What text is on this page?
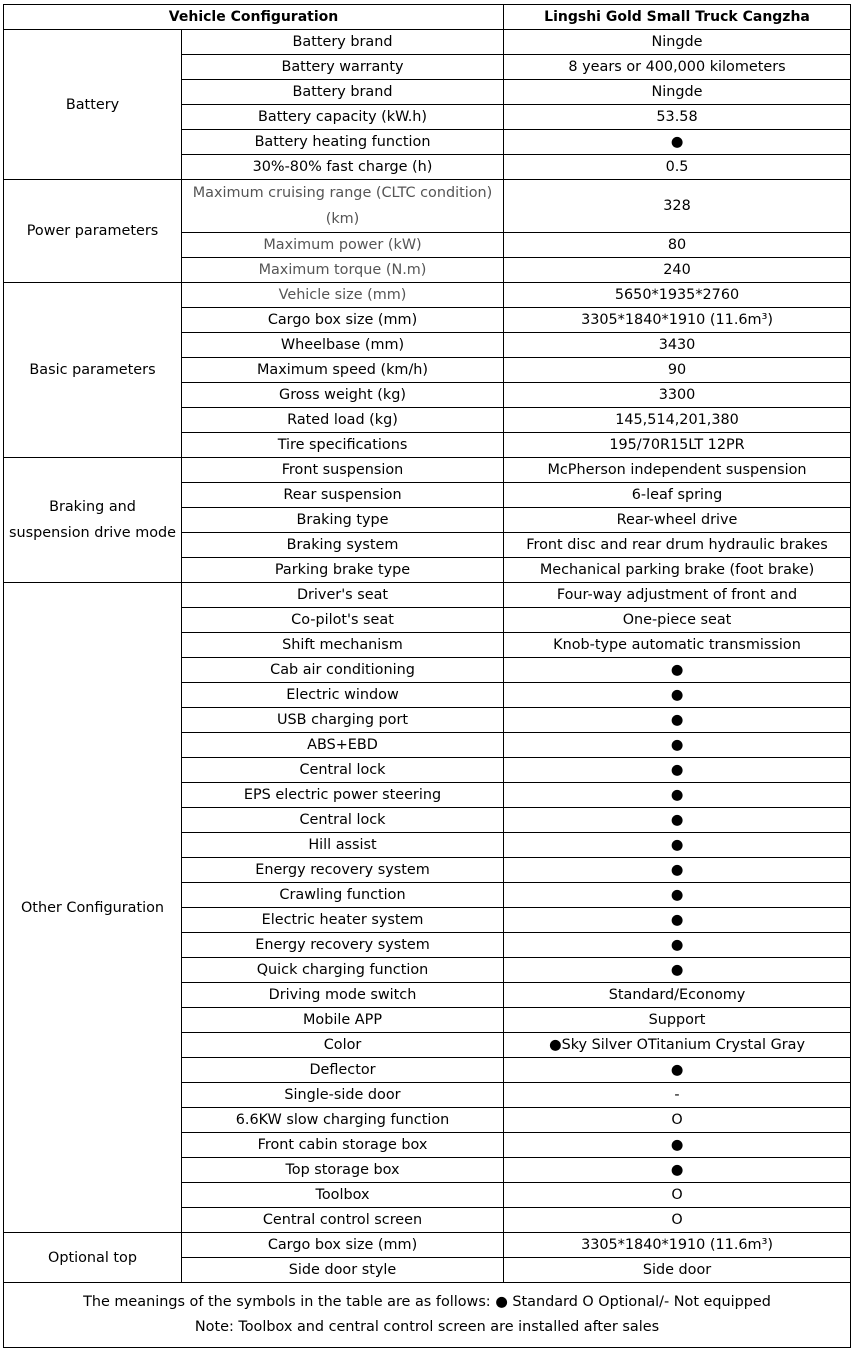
Vehicle Configuration		Lingshi Gold Small Truck Cangzha
Battery	Battery brand	Ningde
	Battery warranty	8 years or 400,000 kilometers
	Battery brand	Ningde
	Battery capacity (kW.h)	53.58
	Battery heating function	●
	30%-80% fast charge (h)	0.5
Power parameters	Maximum cruising range (CLTC condition) (km)	328
	Maximum power (kW)	80
	Maximum torque (N.m)	240
Basic parameters	Vehicle size (mm)	5650*1935*2760
	Cargo box size (mm)	3305*1840*1910 (11.6m³)
	Wheelbase (mm)	3430
	Maximum speed (km/h)	90
	Gross weight (kg)	3300
	Rated load (kg)	145,514,201,380
	Tire specifications	195/70R15LT 12PR
Braking and suspension drive mode	Front suspension	McPherson independent suspension
	Rear suspension	6-leaf spring
	Braking type	Rear-wheel drive
	Braking system	Front disc and rear drum hydraulic brakes
	Parking brake type	Mechanical parking brake (foot brake)
Other Configuration	Driver's seat	Four-way adjustment of front and
	Co-pilot's seat	One-piece seat
	Shift mechanism	Knob-type automatic transmission
	Cab air conditioning	●
	Electric window	●
	USB charging port	●
	ABS+EBD	●
	Central lock	●
	EPS electric power steering	●
	Central lock	●
	Hill assist	●
	Energy recovery system	●
	Crawling function	●
	Electric heater system	●
	Energy recovery system	●
	Quick charging function	●
	Driving mode switch	Standard/Economy
	Mobile APP	Support
	Color	●Sky Silver OTitanium Crystal Gray
	Deflector	●
	Single-side door	-
	6.6KW slow charging function	O
	Front cabin storage box	●
	Top storage box	●
	Toolbox	O
	Central control screen	O
Optional top	Cargo box size (mm)	3305*1840*1910 (11.6m³)
	Side door style	Side door

The meanings of the symbols in the table are as follows: ● Standard O Optional/- Not equipped
Note: Toolbox and central control screen are installed after sales		
